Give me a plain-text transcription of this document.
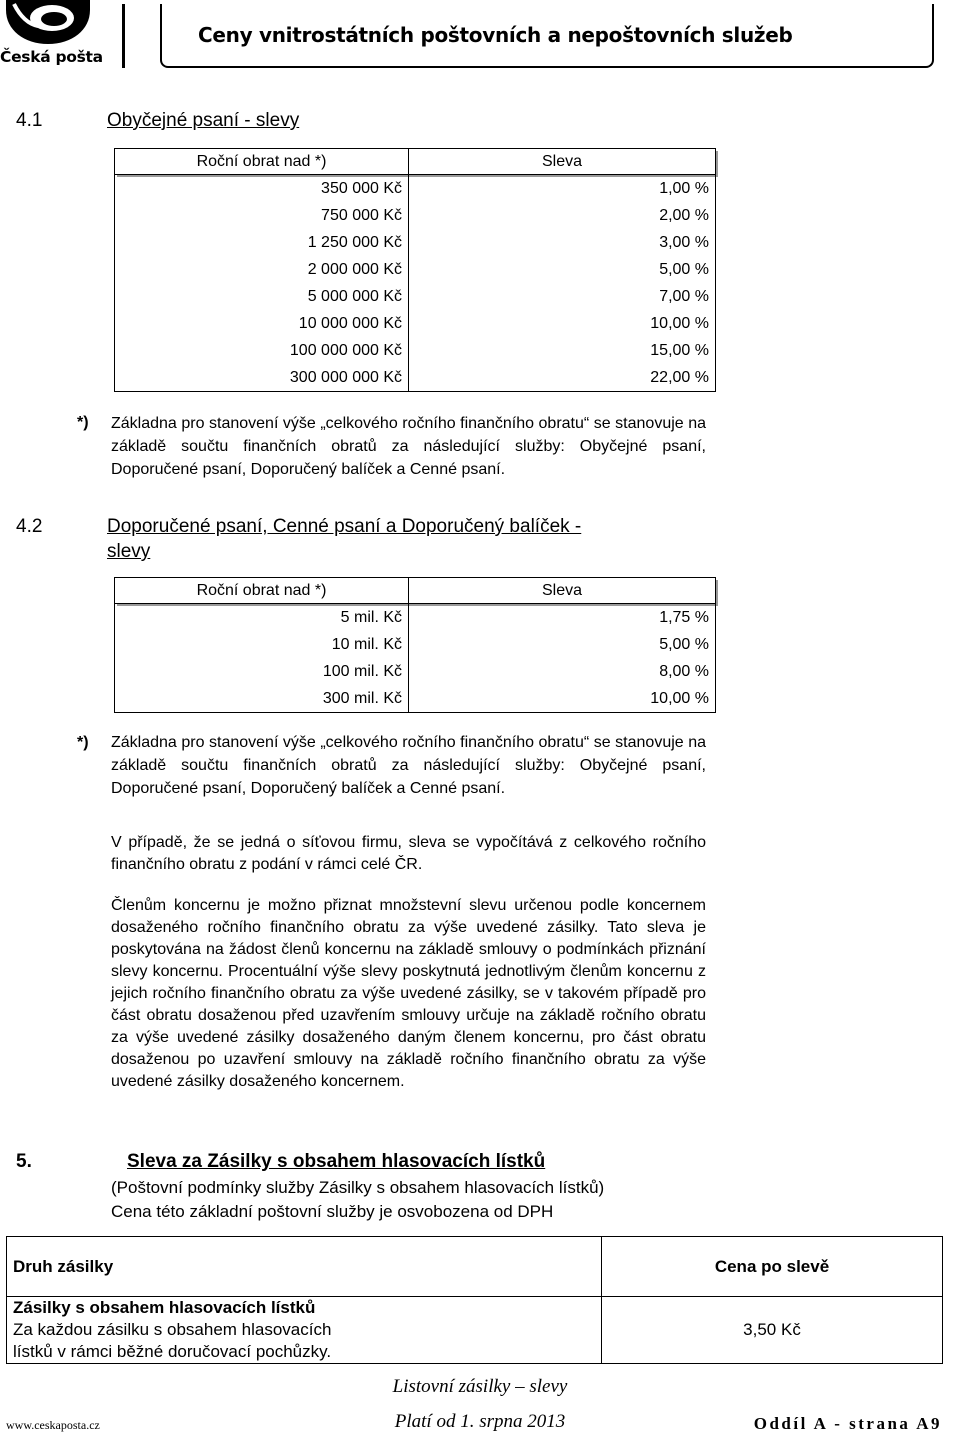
Česká pošta
Ceny vnitrostátních poštovních a nepoštovních služeb
4.1	Obyčejné psaní - slevy
Roční obrat nad *)	Sleva
350 000 Kč	1,00 %
750 000 Kč	2,00 %
1 250 000 Kč	3,00 %
2 000 000 Kč	5,00 %
5 000 000 Kč	7,00 %
10 000 000 Kč	10,00 %
100 000 000 Kč	15,00 %
300 000 000 Kč	22,00 %
*) Základna pro stanovení výše „celkového ročního finančního obratu“ se stanovuje na základě součtu finančních obratů za následující služby: Obyčejné psaní, Doporučené psaní, Doporučený balíček a Cenné psaní.
4.2	Doporučené psaní, Cenné psaní a Doporučený balíček -
slevy
Roční obrat nad *)	Sleva
5 mil. Kč	1,75 %
10 mil. Kč	5,00 %
100 mil. Kč	8,00 %
300 mil. Kč	10,00 %
*) Základna pro stanovení výše „celkového ročního finančního obratu“ se stanovuje na základě součtu finančních obratů za následující služby: Obyčejné psaní, Doporučené psaní, Doporučený balíček a Cenné psaní.
V případě, že se jedná o síťovou firmu, sleva se vypočítává z celkového ročního finančního obratu z podání v rámci celé ČR.
Členům koncernu je možno přiznat množstevní slevu určenou podle koncernem dosaženého ročního finančního obratu za výše uvedené zásilky. Tato sleva je poskytována na žádost členů koncernu na základě smlouvy o podmínkách přiznání slevy koncernu. Procentuální výše slevy poskytnutá jednotlivým členům koncernu z jejich ročního finančního obratu za výše uvedené zásilky, se v takovém případě pro část obratu dosaženou před uzavřením smlouvy určuje na základě ročního obratu za výše uvedené zásilky dosaženého daným členem koncernu, pro část obratu dosaženou po uzavření smlouvy na základě ročního finančního obratu za výše uvedené zásilky dosaženého koncernem.
5.	Sleva za Zásilky s obsahem hlasovacích lístků
(Poštovní podmínky služby Zásilky s obsahem hlasovacích lístků)
Cena této základní poštovní služby je osvobozena od DPH
Druh zásilky	Cena po slevě

Zásilky s obsahem hlasovacích lístků
Za každou zásilku s obsahem hlasovacích
lístků v rámci běžné doručovací pochůzky.	3,50 Kč
Listovní zásilky – slevy
www.ceskaposta.cz	Platí od 1. srpna 2013	Oddíl A - strana A9
